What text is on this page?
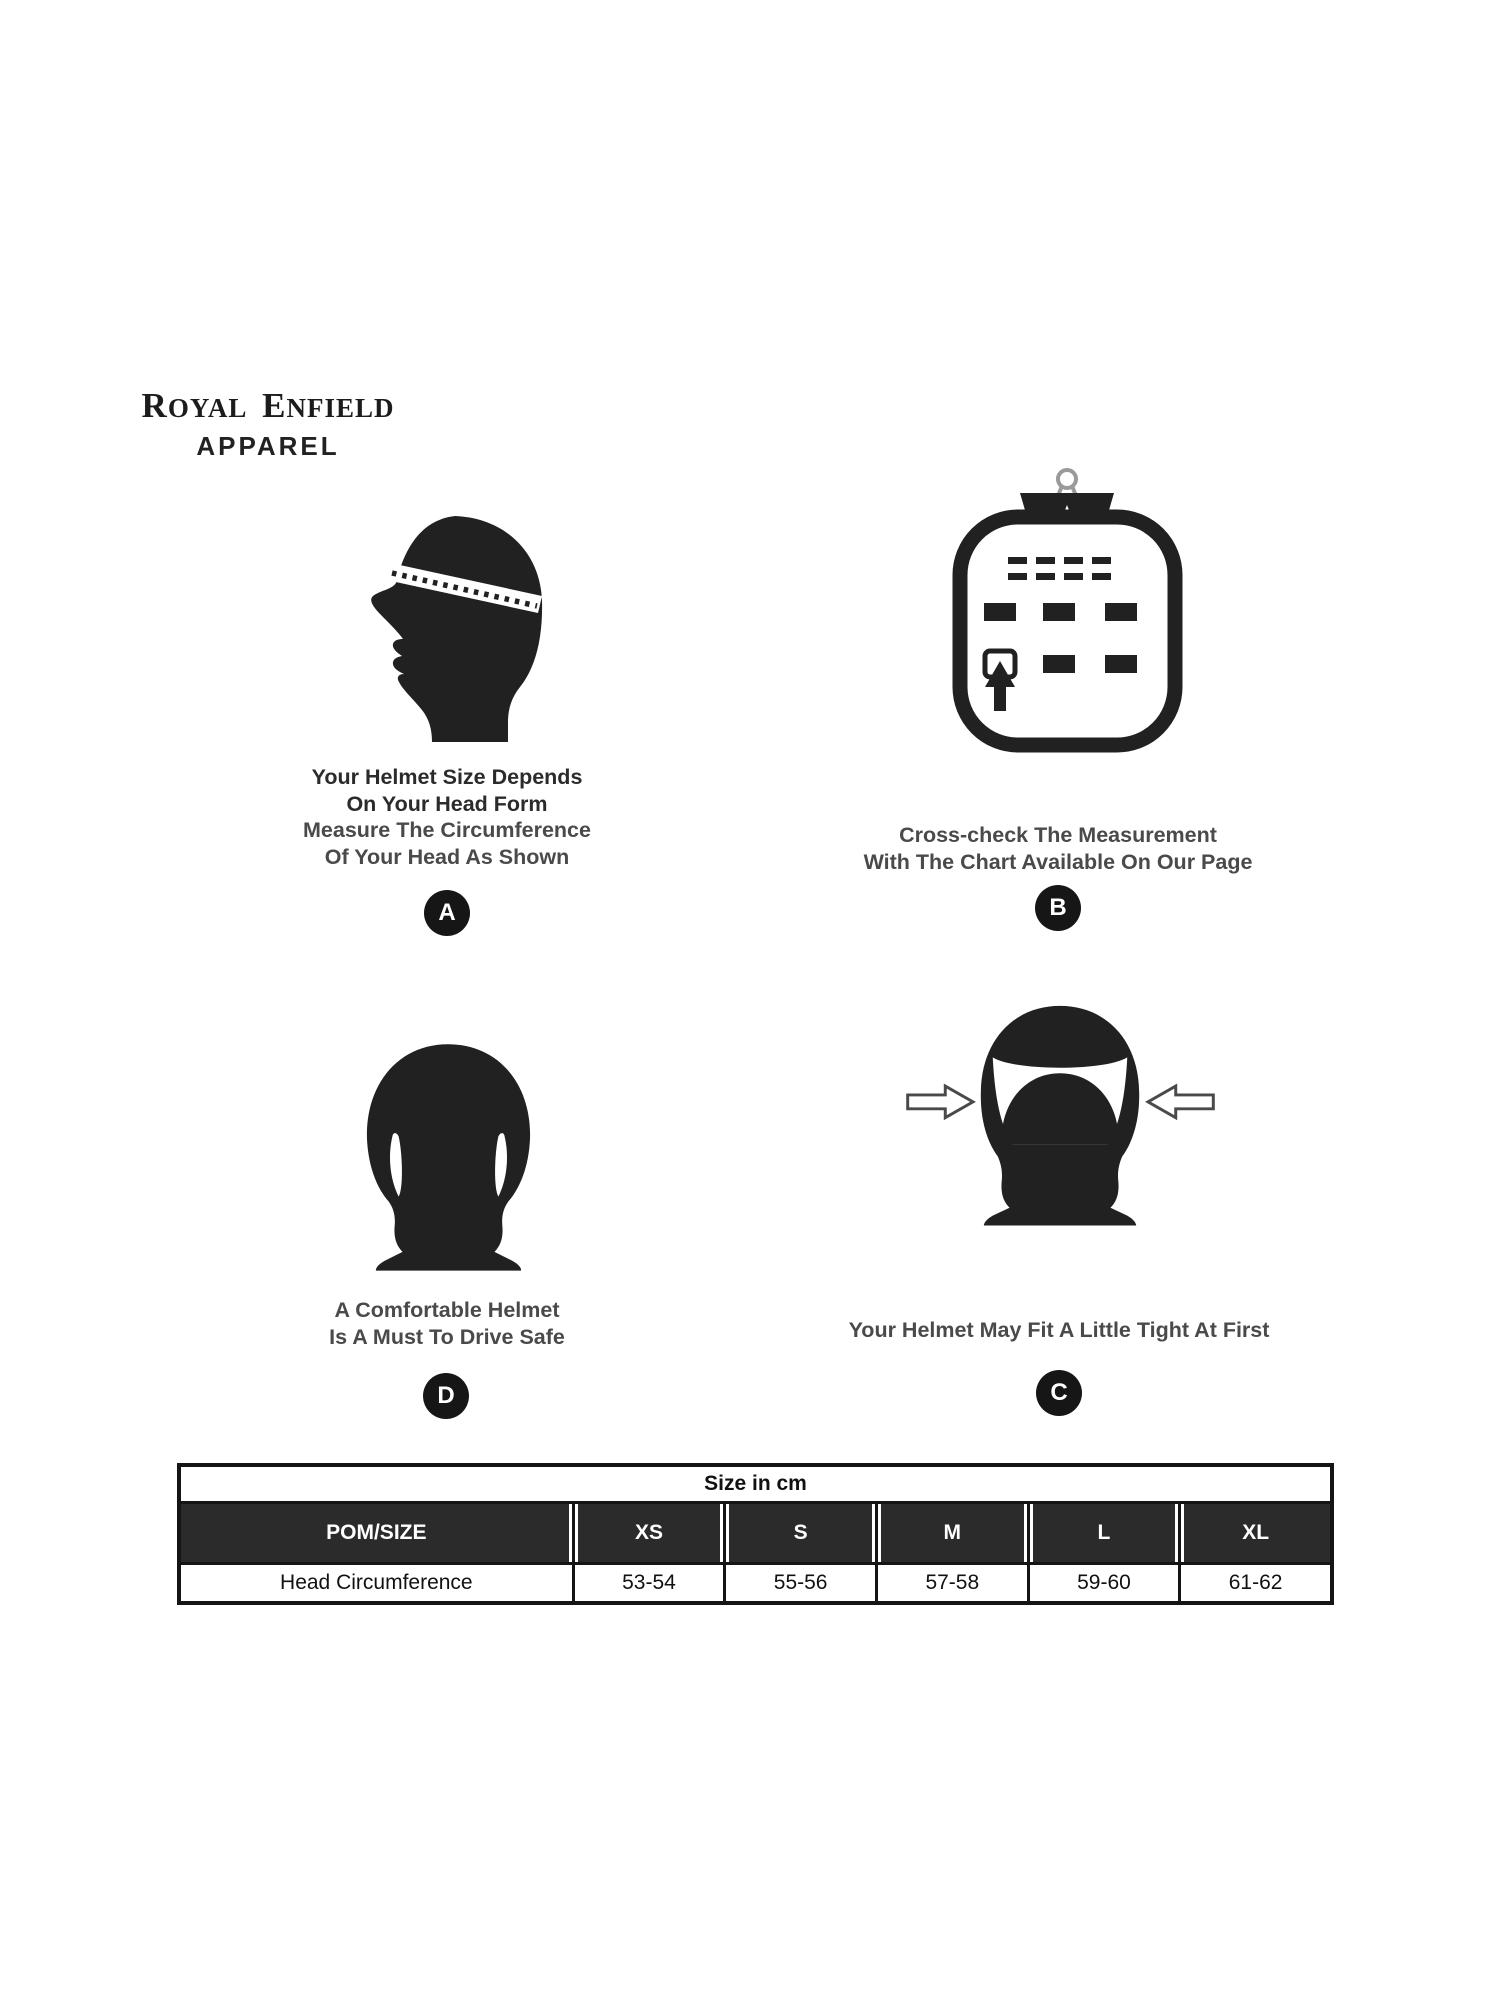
ROYAL ENFIELD
APPAREL
Your Helmet Size Depends
On Your Head Form
Measure The Circumference
Of Your Head As Shown
A
Cross-check The Measurement
With The Chart Available On Our Page
B
A Comfortable Helmet
Is A Must To Drive Safe
D
Your Helmet May Fit A Little Tight At First
C
Size in cm
POM/SIZE	XS	S	M	L	XL
Head Circumference	53-54	55-56	57-58	59-60	61-62
